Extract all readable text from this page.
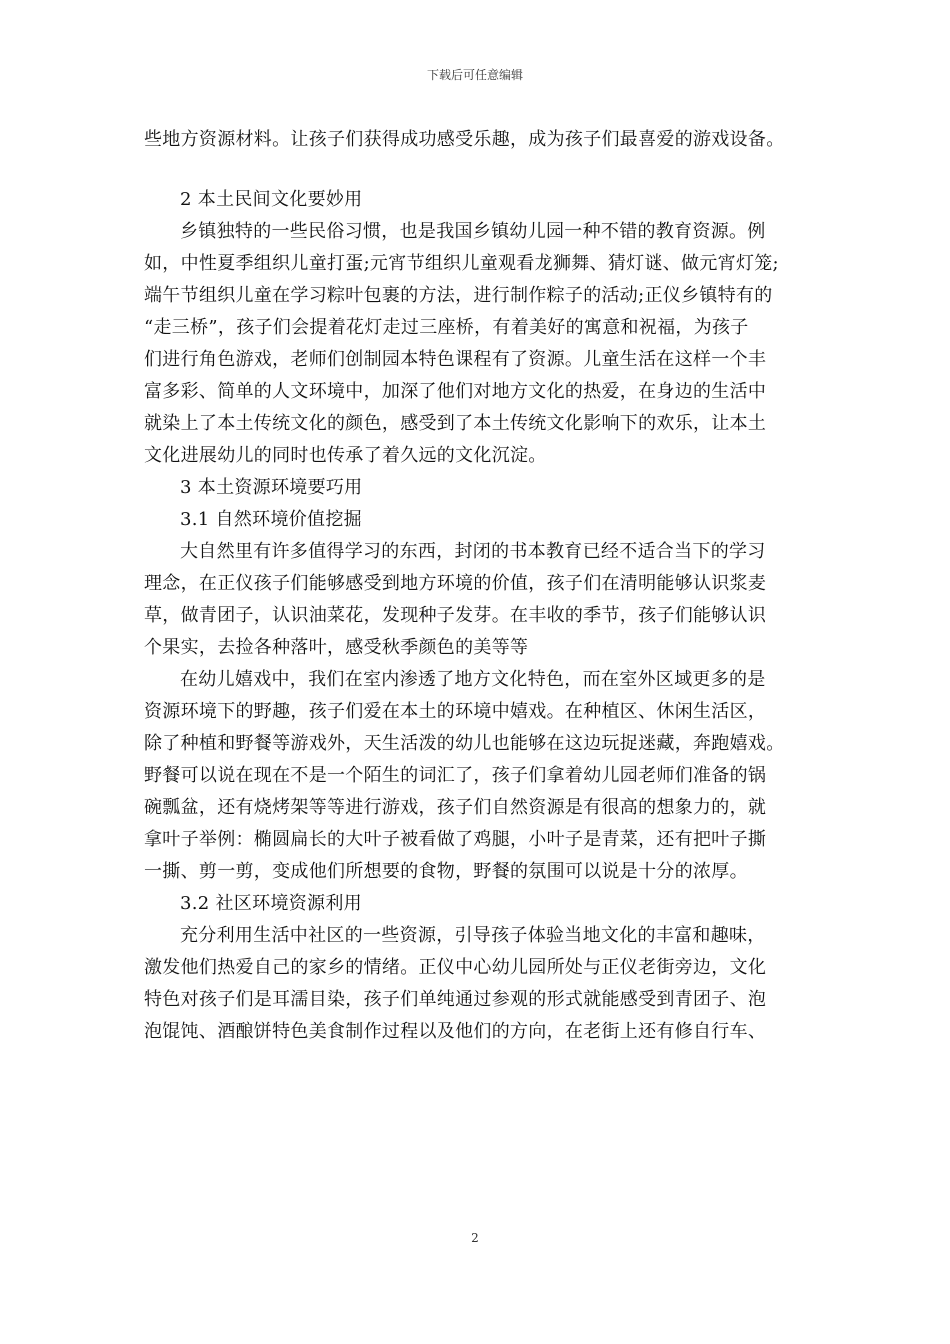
下载后可任意编辑
些地方资源材料。让孩子们获得成功感受乐趣，成为孩子们最喜爱的游戏设备。
2 本土民间文化要妙用
乡镇独特的一些民俗习惯，也是我国乡镇幼儿园一种不错的教育资源。例
如，中性夏季组织儿童打蛋;元宵节组织儿童观看龙狮舞、猜灯谜、做元宵灯笼;
端午节组织儿童在学习粽叶包裹的方法，进行制作粽子的活动;正仪乡镇特有的
“走三桥”，孩子们会提着花灯走过三座桥，有着美好的寓意和祝福，为孩子
们进行角色游戏，老师们创制园本特色课程有了资源。儿童生活在这样一个丰
富多彩、简单的人文环境中，加深了他们对地方文化的热爱，在身边的生活中
就染上了本土传统文化的颜色，感受到了本土传统文化影响下的欢乐，让本土
文化进展幼儿的同时也传承了着久远的文化沉淀。
3 本土资源环境要巧用
3.1 自然环境价值挖掘
大自然里有许多值得学习的东西，封闭的书本教育已经不适合当下的学习
理念，在正仪孩子们能够感受到地方环境的价值，孩子们在清明能够认识浆麦
草，做青团子，认识油菜花，发现种子发芽。在丰收的季节，孩子们能够认识
个果实，去捡各种落叶，感受秋季颜色的美等等
在幼儿嬉戏中，我们在室内渗透了地方文化特色，而在室外区域更多的是
资源环境下的野趣，孩子们爱在本土的环境中嬉戏。在种植区、休闲生活区，
除了种植和野餐等游戏外，天生活泼的幼儿也能够在这边玩捉迷藏，奔跑嬉戏。
野餐可以说在现在不是一个陌生的词汇了，孩子们拿着幼儿园老师们准备的锅
碗瓢盆，还有烧烤架等等进行游戏，孩子们自然资源是有很高的想象力的，就
拿叶子举例：椭圆扁长的大叶子被看做了鸡腿，小叶子是青菜，还有把叶子撕
一撕、剪一剪，变成他们所想要的食物，野餐的氛围可以说是十分的浓厚。
3.2 社区环境资源利用
充分利用生活中社区的一些资源，引导孩子体验当地文化的丰富和趣味，
激发他们热爱自己的家乡的情绪。正仪中心幼儿园所处与正仪老街旁边，文化
特色对孩子们是耳濡目染，孩子们单纯通过参观的形式就能感受到青团子、泡
泡馄饨、酒酿饼特色美食制作过程以及他们的方向，在老街上还有修自行车、
2
